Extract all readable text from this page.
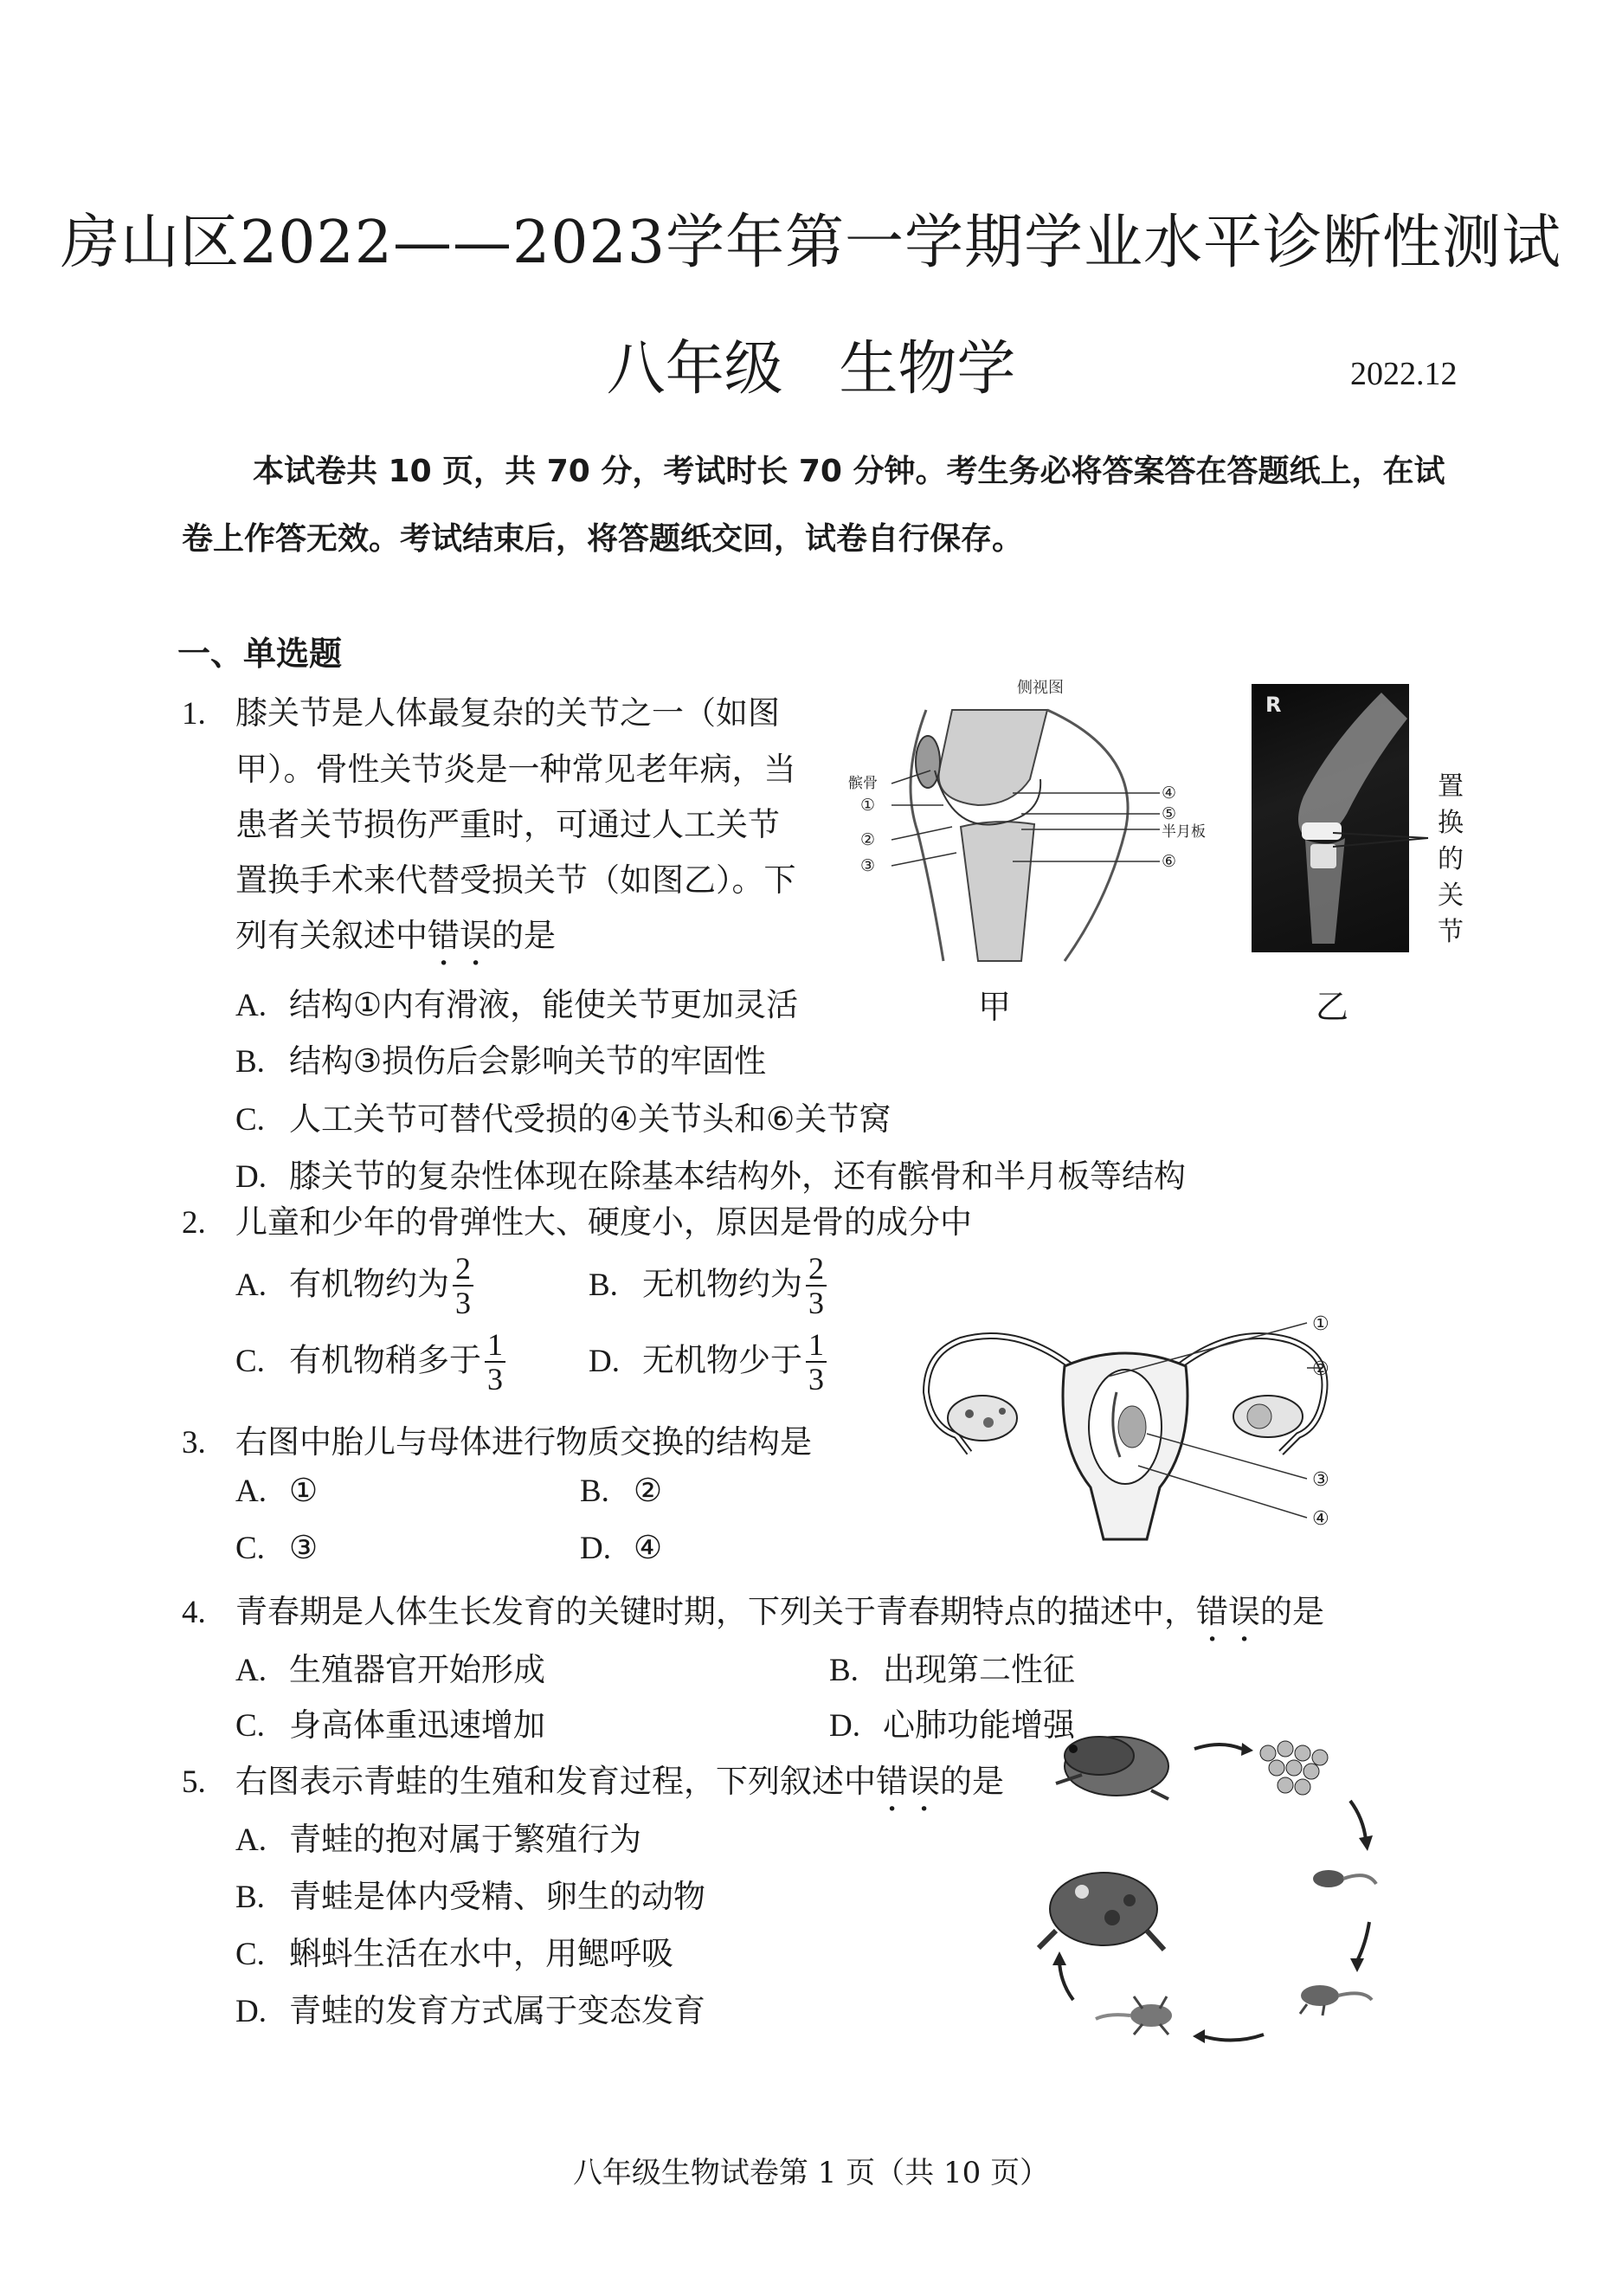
房山区2022——2023学年第一学期学业水平诊断性测试
八年级   生物学	2022.12
本试卷共 10 页，共 70 分，考试时长 70 分钟。考生务必将答案答在答题纸上，在试卷上作答无效。考试结束后，将答题纸交回，试卷自行保存。
一、单选题
1. 膝关节是人体最复杂的关节之一（如图
甲）。骨性关节炎是一种常见老年病，当
患者关节损伤严重时，可通过人工关节
置换手术来代替受损关节（如图乙）。下
列有关叙述中错误的是
A. 结构①内有滑液，能使关节更加灵活
B. 结构③损伤后会影响关节的牢固性
C. 人工关节可替代受损的④关节头和⑥关节窝
D. 膝关节的复杂性体现在除基本结构外，还有髌骨和半月板等结构
侧视图
髌骨
①
②
③
④
⑤
半月板
⑥
甲
R
置
换
的
关
节
乙
2. 儿童和少年的骨弹性大、硬度小，原因是骨的成分中
A. 有机物约为 $\frac{2}{3}$	B. 无机物约为 $\frac{2}{3}$
C. 有机物稍多于 $\frac{1}{3}$	D. 无机物少于 $\frac{1}{3}$
①
②
③
④
3. 右图中胎儿与母体进行物质交换的结构是
A. ①	B. ②
C. ③	D. ④
4. 青春期是人体生长发育的关键时期，下列关于青春期特点的描述中，错误的是
A. 生殖器官开始形成	B. 出现第二性征
C. 身高体重迅速增加	D. 心肺功能增强
5. 右图表示青蛙的生殖和发育过程，下列叙述中错误的是
A. 青蛙的抱对属于繁殖行为
B. 青蛙是体内受精、卵生的动物
C. 蝌蚪生活在水中，用鳃呼吸
D. 青蛙的发育方式属于变态发育
八年级生物试卷第 1 页（共 10 页）
